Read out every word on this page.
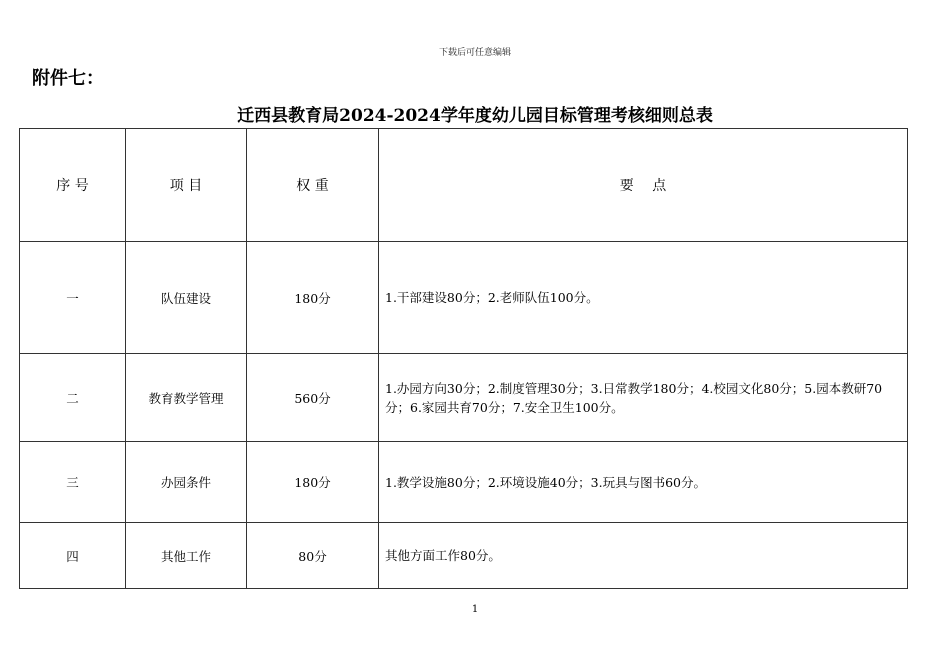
下载后可任意编辑
附件七：
迁西县教育局2024-2024学年度幼儿园目标管理考核细则总表
序 号	项 目	权 重	要　 点
一	队伍建设	180分	1.干部建设80分；2.老师队伍100分。
二	教育教学管理	560分	1.办园方向30分；2.制度管理30分；3.日常教学180分；4.校园文化80分；5.园本教研70分；6.家园共育70分；7.安全卫生100分。
三	办园条件	180分	1.教学设施80分；2.环境设施40分；3.玩具与图书60分。
四	其他工作	80分	其他方面工作80分。
1
